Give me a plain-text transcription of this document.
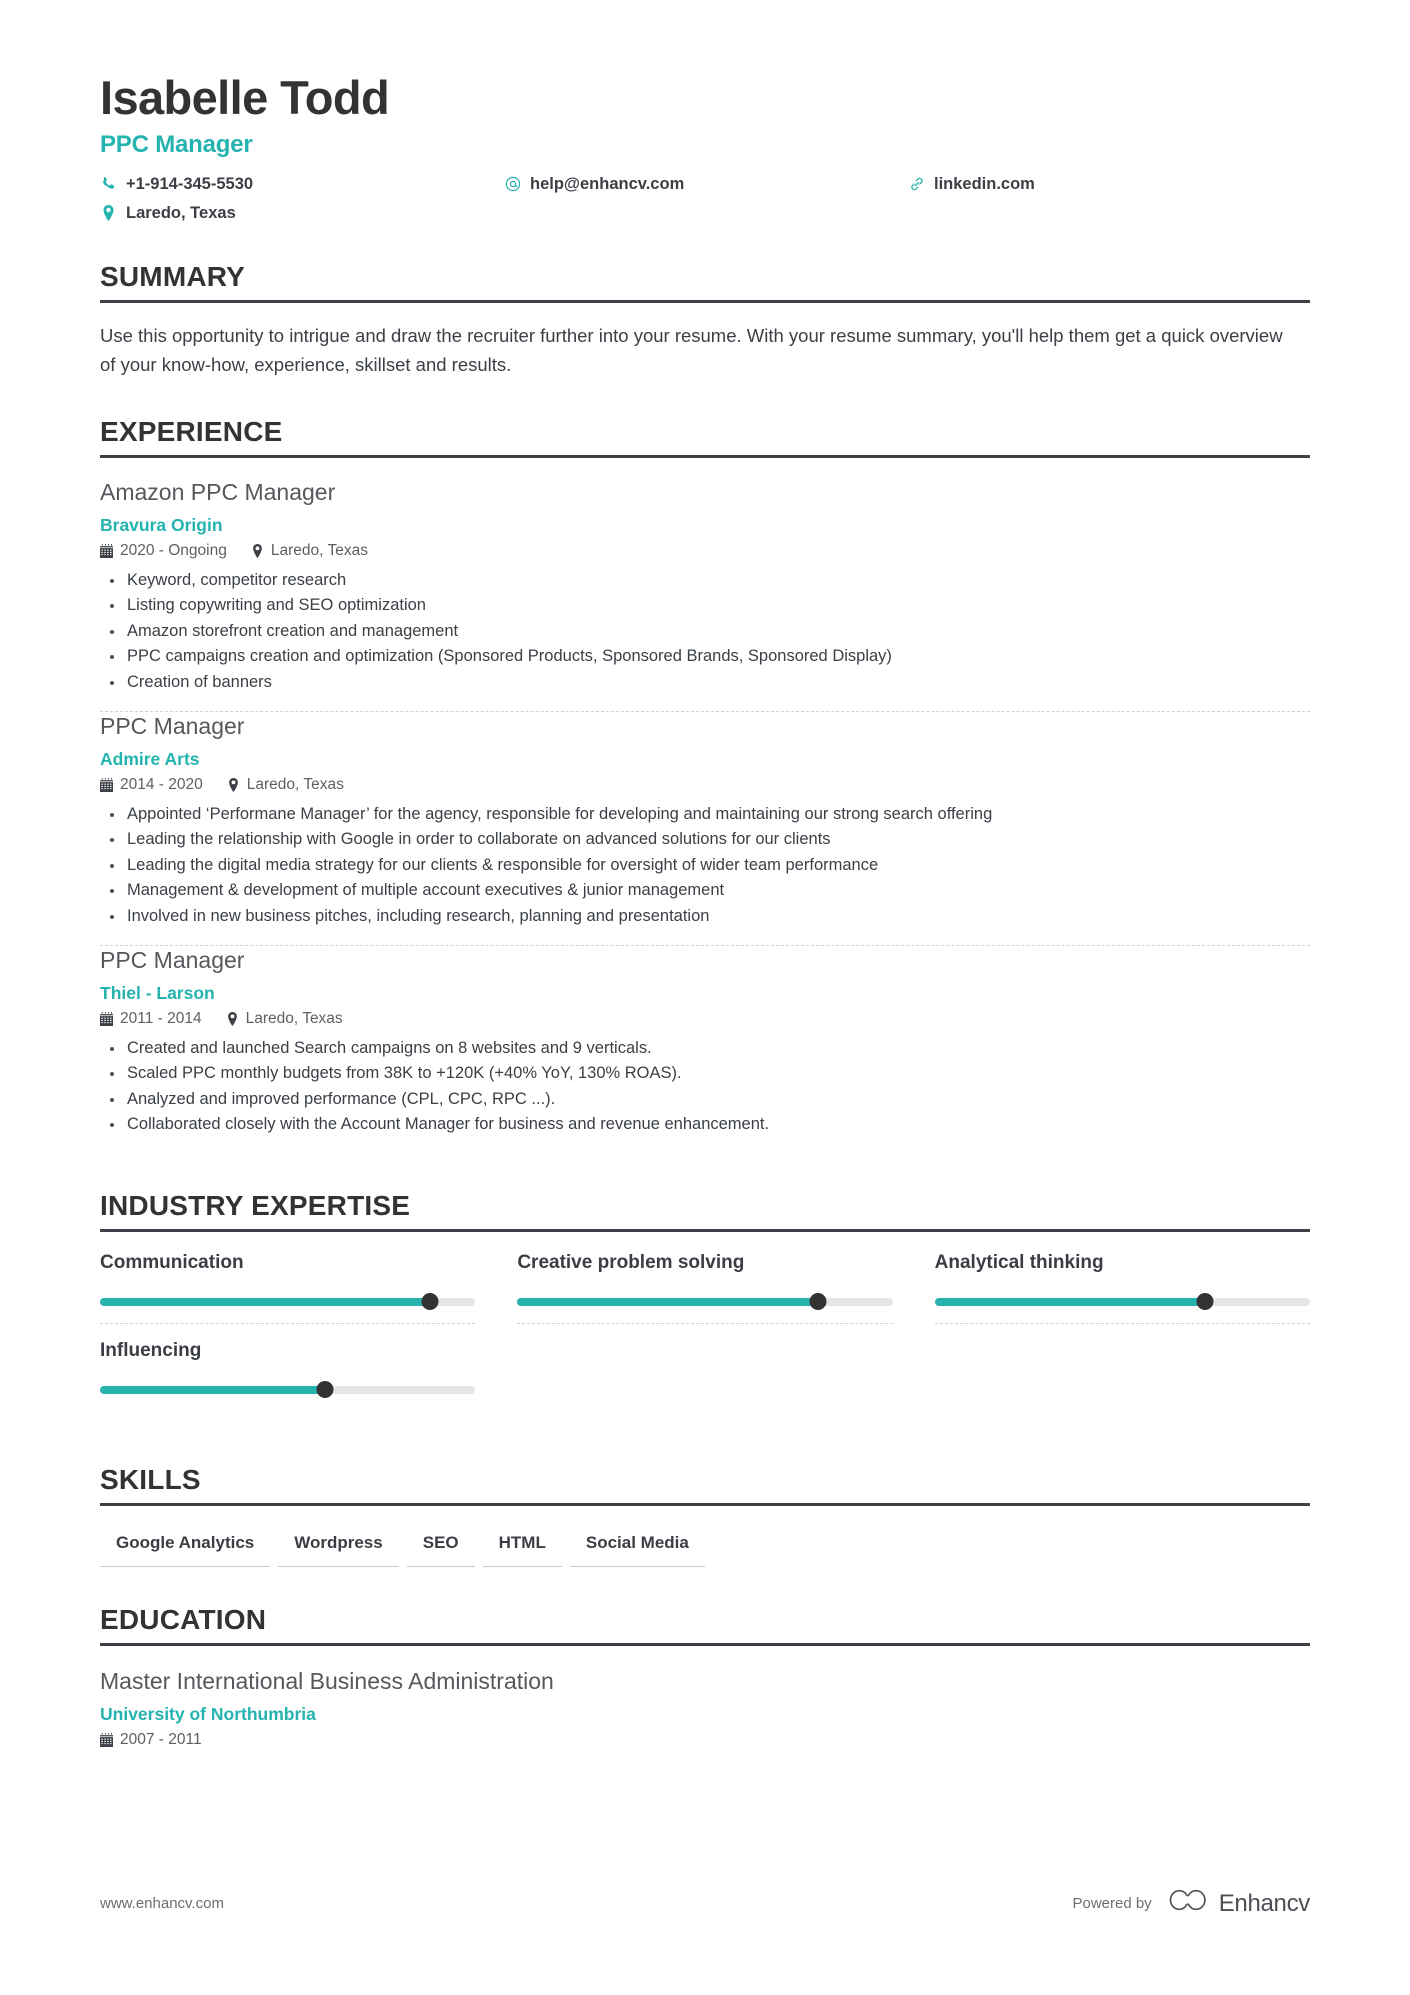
Isabelle Todd
PPC Manager
+1-914-345-5530	help@enhancv.com	linkedin.com
Laredo, Texas
SUMMARY

Use this opportunity to intrigue and draw the recruiter further into your resume. With your resume summary, you'll help them get a quick overview of your know-how, experience, skillset and results.

EXPERIENCE
Amazon PPC Manager
Bravura Origin
2020 - Ongoing	Laredo, Texas
Keyword, competitor research
Listing copywriting and SEO optimization
Amazon storefront creation and management
PPC campaigns creation and optimization (Sponsored Products, Sponsored Brands, Sponsored Display)
Creation of banners
PPC Manager
Admire Arts
2014 - 2020	Laredo, Texas
Appointed ‘Performane Manager’ for the agency, responsible for developing and maintaining our strong search offering
Leading the relationship with Google in order to collaborate on advanced solutions for our clients
Leading the digital media strategy for our clients & responsible for oversight of wider team performance
Management & development of multiple account executives & junior management
Involved in new business pitches, including research, planning and presentation
PPC Manager
Thiel - Larson
2011 - 2014	Laredo, Texas
Created and launched Search campaigns on 8 websites and 9 verticals.
Scaled PPC monthly budgets from 38K to +120K (+40% YoY, 130% ROAS).
Analyzed and improved performance (CPL, CPC, RPC ...).
Collaborated closely with the Account Manager for business and revenue enhancement.
INDUSTRY EXPERTISE
Communication	Creative problem solving	Analytical thinking
Influencing
SKILLS
Google Analytics	Wordpress	SEO	HTML	Social Media
EDUCATION
Master International Business Administration
University of Northumbria
2007 - 2011
www.enhancv.com	Powered by	Enhancv
